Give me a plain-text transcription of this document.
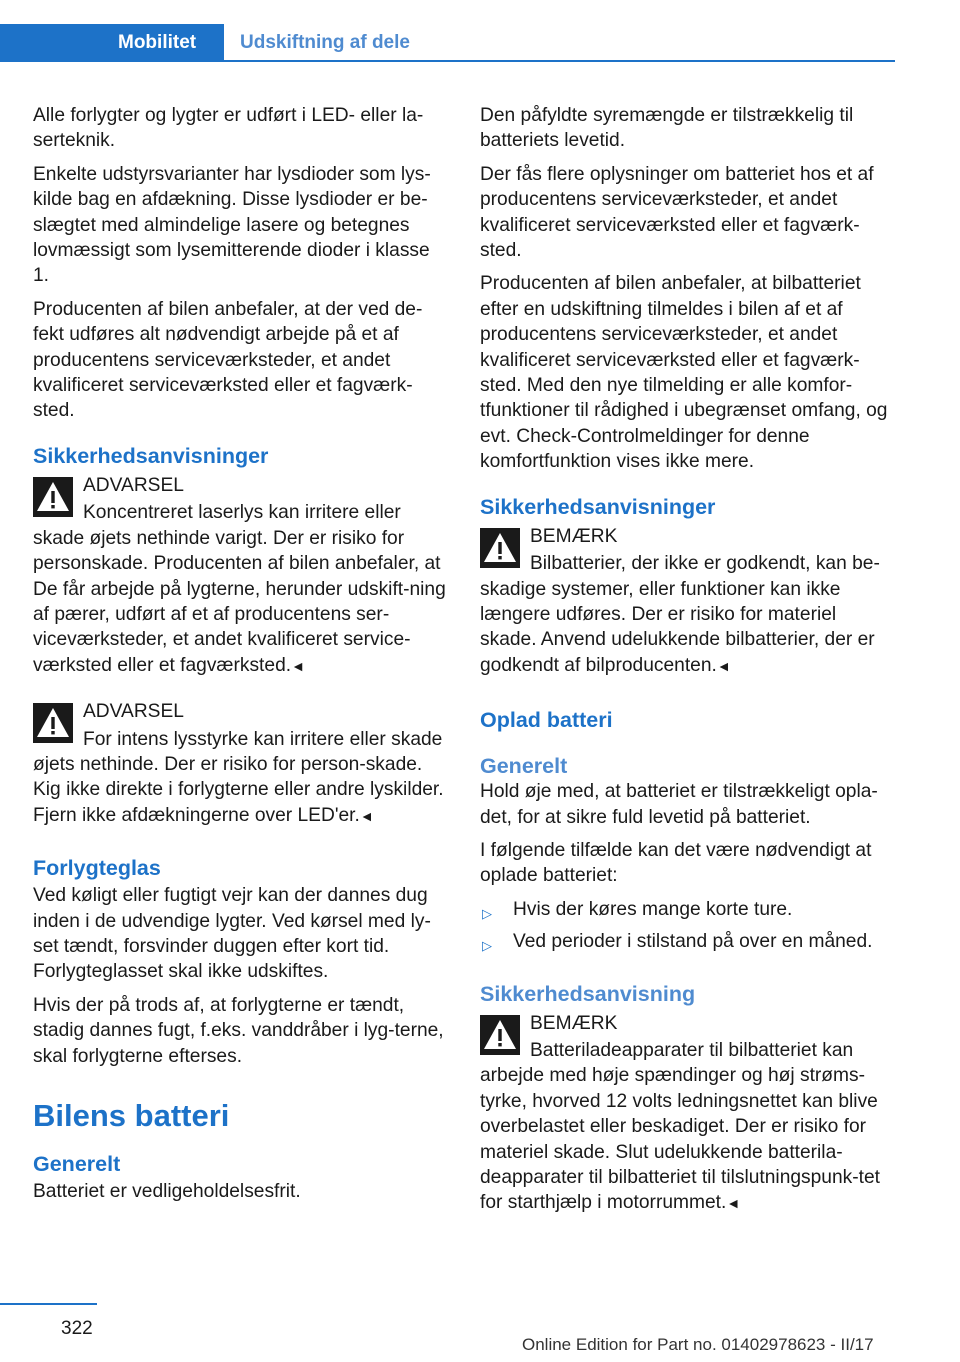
Mobilitet	Udskiftning af dele

Alle forlygter og lygter er udført i LED- eller la-serteknik.

Enkelte udstyrsvarianter har lysdioder som lys-kilde bag en afdækning. Disse lysdioder er be-slægtet med almindelige lasere og betegnes lovmæssigt som lysemitterende dioder i klasse 1.

Producenten af bilen anbefaler, at der ved de-fekt udføres alt nødvendigt arbejde på et af producentens serviceværksteder, et andet kvalificeret serviceværksted eller et fagværk-sted.

Sikkerhedsanvisninger
ADVARSEL

Koncentreret laserlys kan irritere eller skade øjets nethinde varigt. Der er risiko for personskade. Producenten af bilen anbefaler, at De får arbejde på lygterne, herunder udskift-ning af pærer, udført af et af producentens ser-viceværksteder, et andet kvalificeret service-værksted eller et fagværksted.◄

ADVARSEL

For intens lysstyrke kan irritere eller skade øjets nethinde. Der er risiko for person-skade. Kig ikke direkte i forlygterne eller andre lyskilder. Fjern ikke afdækningerne over LED'er.◄

Forlygteglas

Ved køligt eller fugtigt vejr kan der dannes dug inden i de udvendige lygter. Ved kørsel med ly-set tændt, forsvinder duggen efter kort tid. Forlygteglasset skal ikke udskiftes.

Hvis der på trods af, at forlygterne er tændt, stadig dannes fugt, f.eks. vanddråber i lyg-terne, skal forlygterne efterses.

Bilens batteri
Generelt

Batteriet er vedligeholdelsesfrit.

Den påfyldte syremængde er tilstrækkelig til batteriets levetid.

Der fås flere oplysninger om batteriet hos et af producentens serviceværksteder, et andet kvalificeret serviceværksted eller et fagværk-sted.

Producenten af bilen anbefaler, at bilbatteriet efter en udskiftning tilmeldes i bilen af et af producentens serviceværksteder, et andet kvalificeret serviceværksted eller et fagværk-sted. Med den nye tilmelding er alle komfor-tfunktioner til rådighed i ubegrænset omfang, og evt. Check-Controlmeldinger for denne komfortfunktion vises ikke mere.

Sikkerhedsanvisninger
BEMÆRK

Bilbatterier, der ikke er godkendt, kan be-skadige systemer, eller funktioner kan ikke længere udføres. Der er risiko for materiel skade. Anvend udelukkende bilbatterier, der er godkendt af bilproducenten.◄

Oplad batteri
Generelt

Hold øje med, at batteriet er tilstrækkeligt opla-det, for at sikre fuld levetid på batteriet.

I følgende tilfælde kan det være nødvendigt at oplade batteriet:

▷ Hvis der køres mange korte ture.
▷ Ved perioder i stilstand på over en måned.
Sikkerhedsanvisning
BEMÆRK

Batteriladeapparater til bilbatteriet kan arbejde med høje spændinger og høj strøms-tyrke, hvorved 12 volts ledningsnettet kan blive overbelastet eller beskadiget. Der er risiko for materiel skade. Slut udelukkende batterila-deapparater til bilbatteriet til tilslutningspunk-tet for starthjælp i motorrummet.◄

322
Online Edition for Part no. 01402978623 - II/17
